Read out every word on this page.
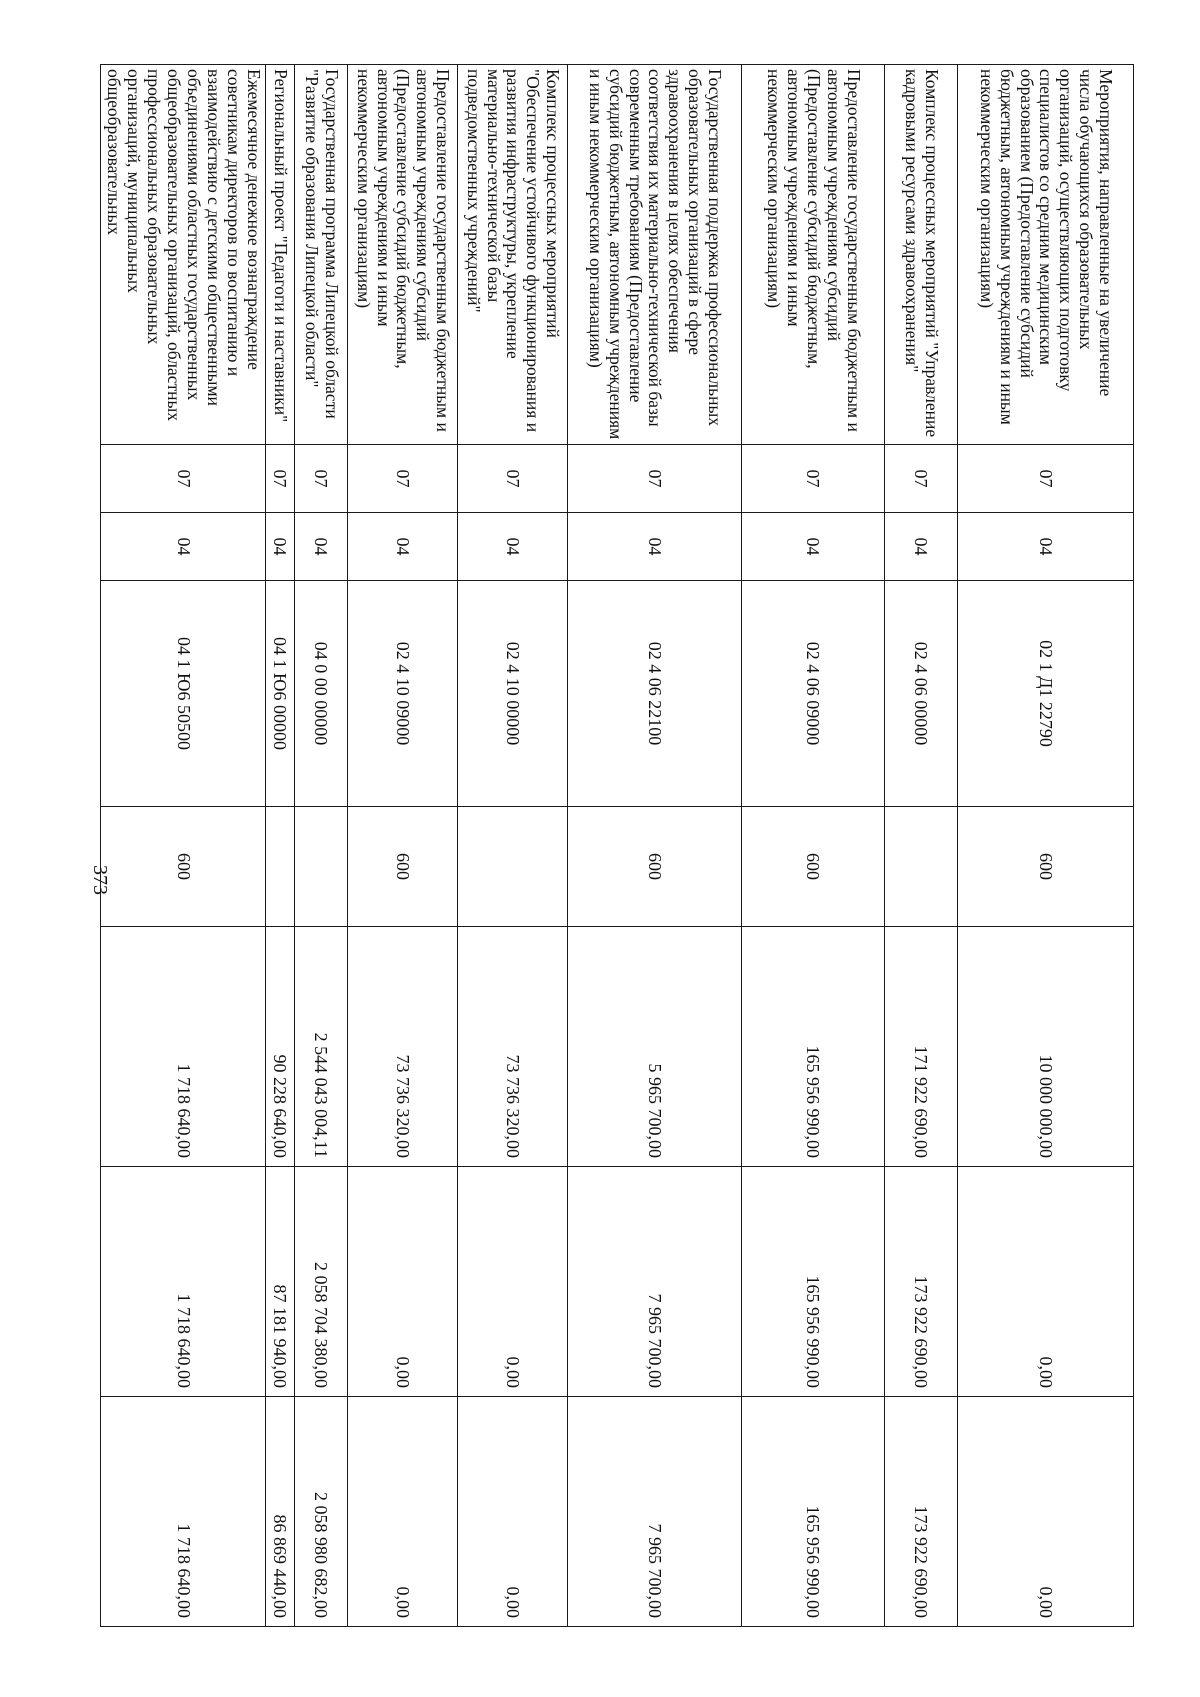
373
Мероприятия, направленные на увеличение числа обучающихся образовательных организаций, осуществляющих подготовку специалистов со средним медицинским образованием (Предоставление субсидий бюджетным, автономным учреждениям и иным некоммерческим организациям)	07	04	02 1 Д1 22790	600	10 000 000,00	0,00	0,00
Комплекс процессных мероприятий "Управление кадровыми ресурсами здравоохранения"	07	04	02 4 06 00000		171 922 690,00	173 922 690,00	173 922 690,00
Предоставление государственным бюджетным и автономным учреждениям субсидий (Предоставление субсидий бюджетным, автономным учреждениям и иным некоммерческим организациям)	07	04	02 4 06 09000	600	165 956 990,00	165 956 990,00	165 956 990,00
Государственная поддержка профессиональных образовательных организаций в сфере здравоохранения в целях обеспечения соответствия их материально-технической базы современным требованиям (Предоставление субсидий бюджетным, автономным учреждениям и иным некоммерческим организациям)	07	04	02 4 06 22100	600	5 965 700,00	7 965 700,00	7 965 700,00
Комплекс процессных мероприятий "Обеспечение устойчивого функционирования и развития инфраструктуры, укрепление материально-технической базы подведомственных учреждений"	07	04	02 4 10 00000		73 736 320,00	0,00	0,00
Предоставление государственным бюджетным и автономным учреждениям субсидий (Предоставление субсидий бюджетным, автономным учреждениям и иным некоммерческим организациям)	07	04	02 4 10 09000	600	73 736 320,00	0,00	0,00
Государственная программа Липецкой области "Развитие образования Липецкой области"	07	04	04 0 00 00000		2 544 043 004,11	2 058 704 380,00	2 058 980 682,00
Региональный проект "Педагоги и наставники"	07	04	04 1 Ю6 00000		90 228 640,00	87 181 940,00	86 869 440,00
Ежемесячное денежное вознаграждение советникам директоров по воспитанию и взаимодействию с детскими общественными объединениями областных государственных общеобразовательных организаций, областных профессиональных образовательных организаций, муниципальных общеобразовательных	07	04	04 1 Ю6 50500	600	1 718 640,00	1 718 640,00	1 718 640,00
